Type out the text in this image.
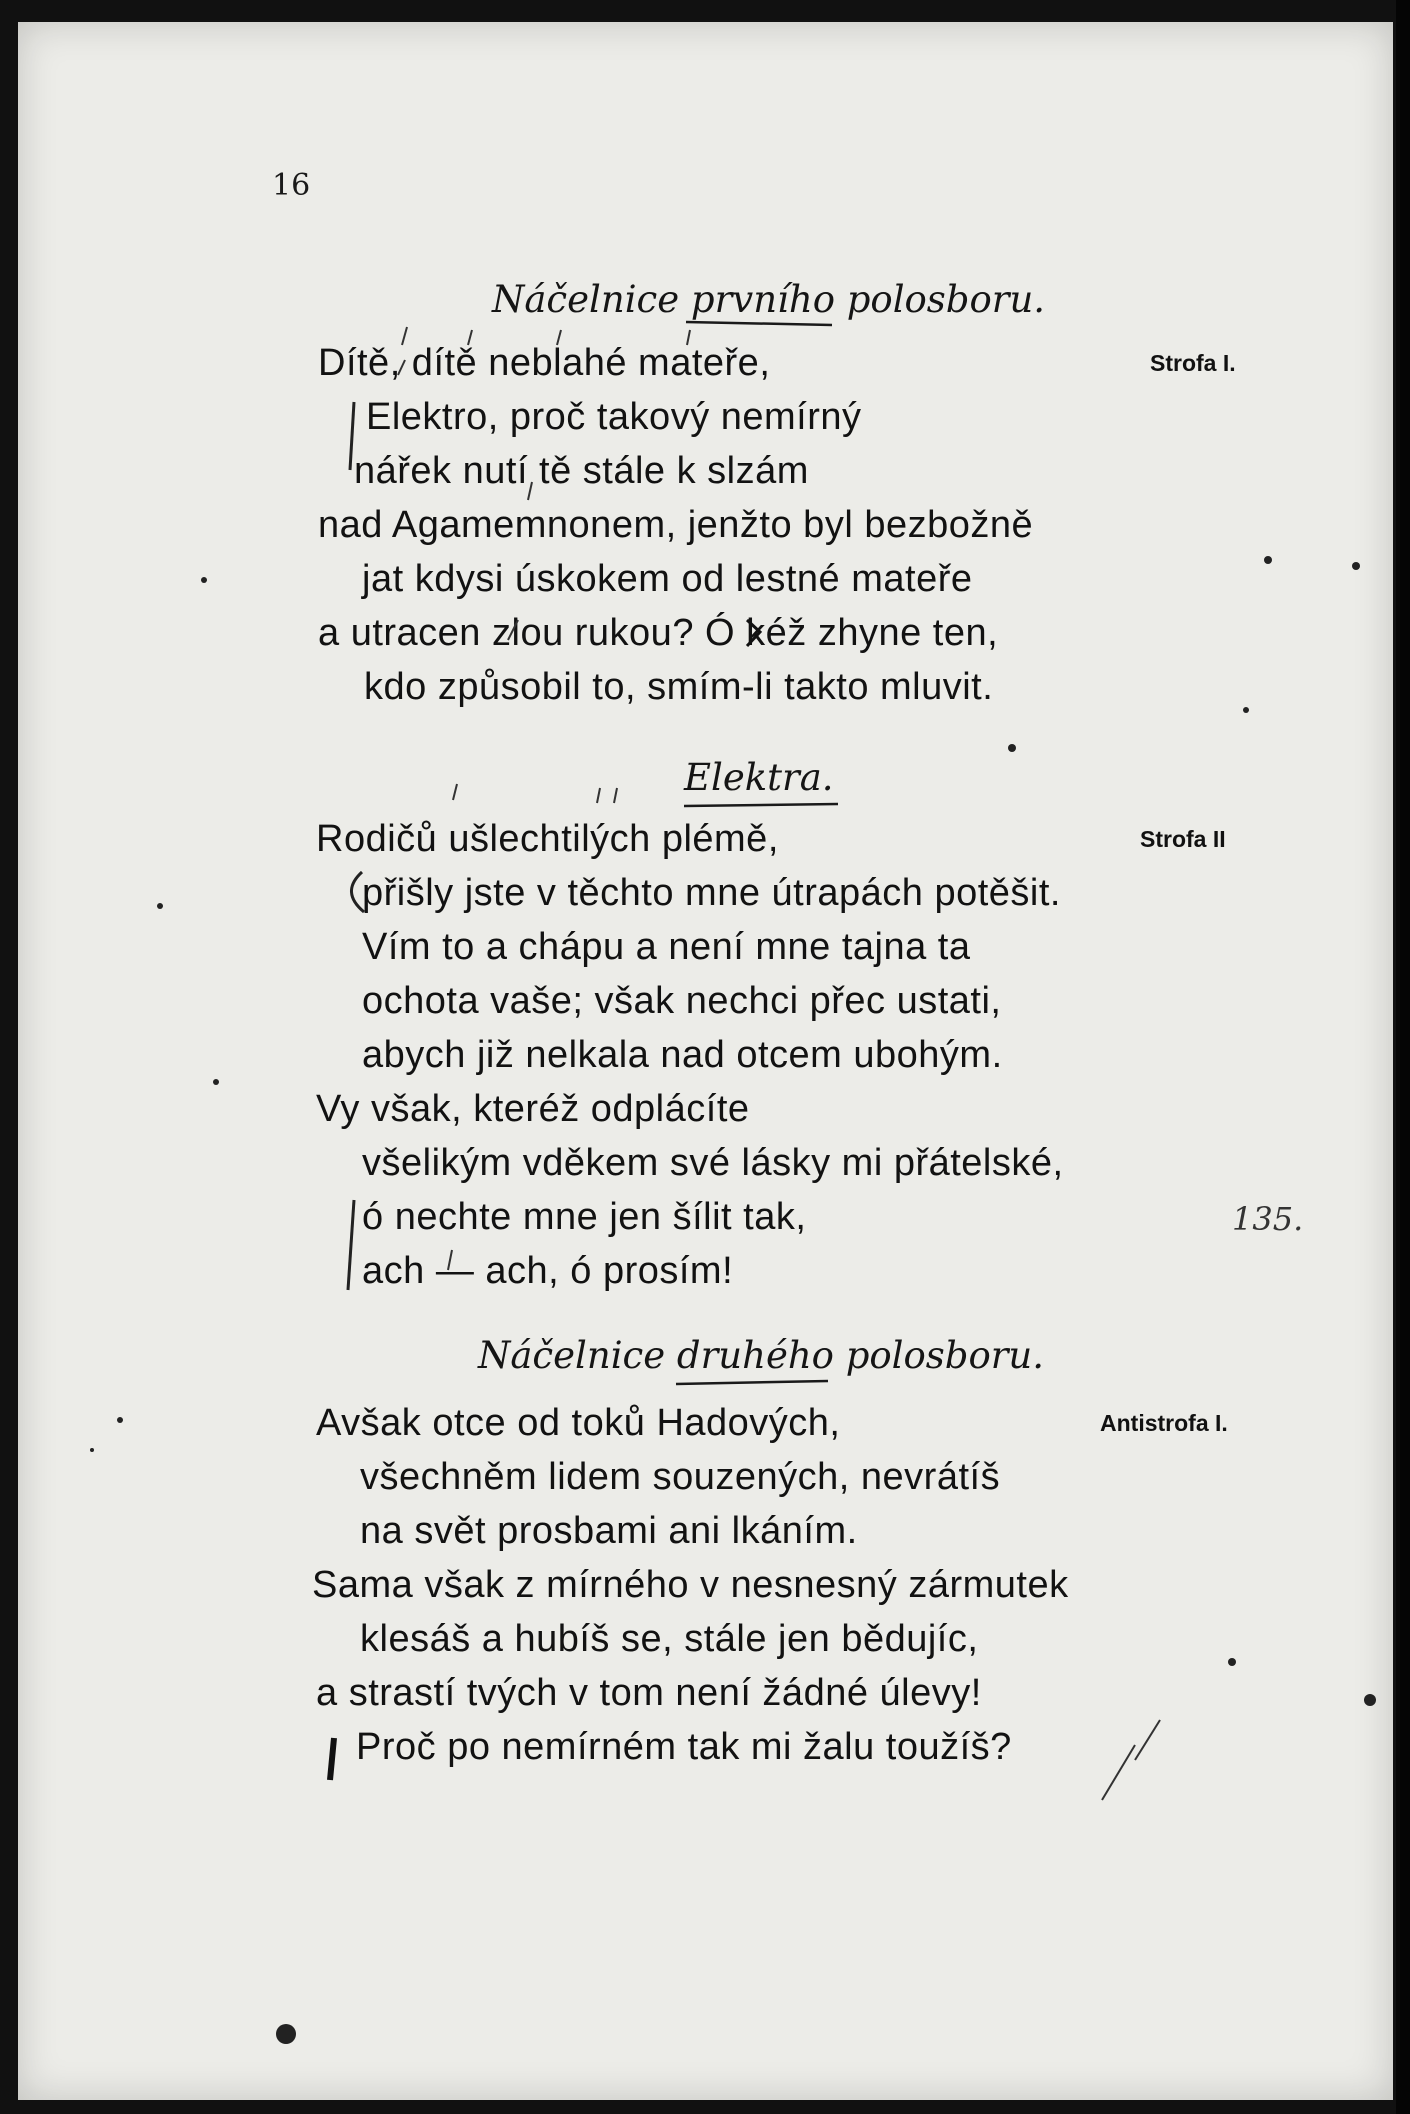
16
Náčelnice prvního polosboru.
Strofa I.
Dítě, dítě neblahé mateře,
Elektro, proč takový nemírný
nářek nutí tě stále k slzám
nad Agamemnonem, jenžto byl bezbožně
jat kdysi úskokem od lestné mateře
a utracen zlou rukou? Ó kéž zhyne ten,
kdo způsobil to, smím-li takto mluvit.
Elektra.
Strofa II
Rodičů ušlechtilých plémě,
přišly jste v těchto mne útrapách potěšit.
Vím to a chápu a není mne tajna ta
ochota vaše; však nechci přec ustati,
abych již nelkala nad otcem ubohým.
Vy však, kteréž odplácíte
všelikým vděkem své lásky mi přátelské,
ó nechte mne jen šílit tak,
ach — ach, ó prosím!
Náčelnice druhého polosboru.
Antistrofa I.
Avšak otce od toků Hadových,
všechněm lidem souzených, nevrátíš
na svět prosbami ani lkáním.
Sama však z mírného v nesnesný zármutek
klesáš a hubíš se, stále jen bědujíc,
a strastí tvých v tom není žádné úlevy!
Proč po nemírném tak mi žalu toužíš?
135.
